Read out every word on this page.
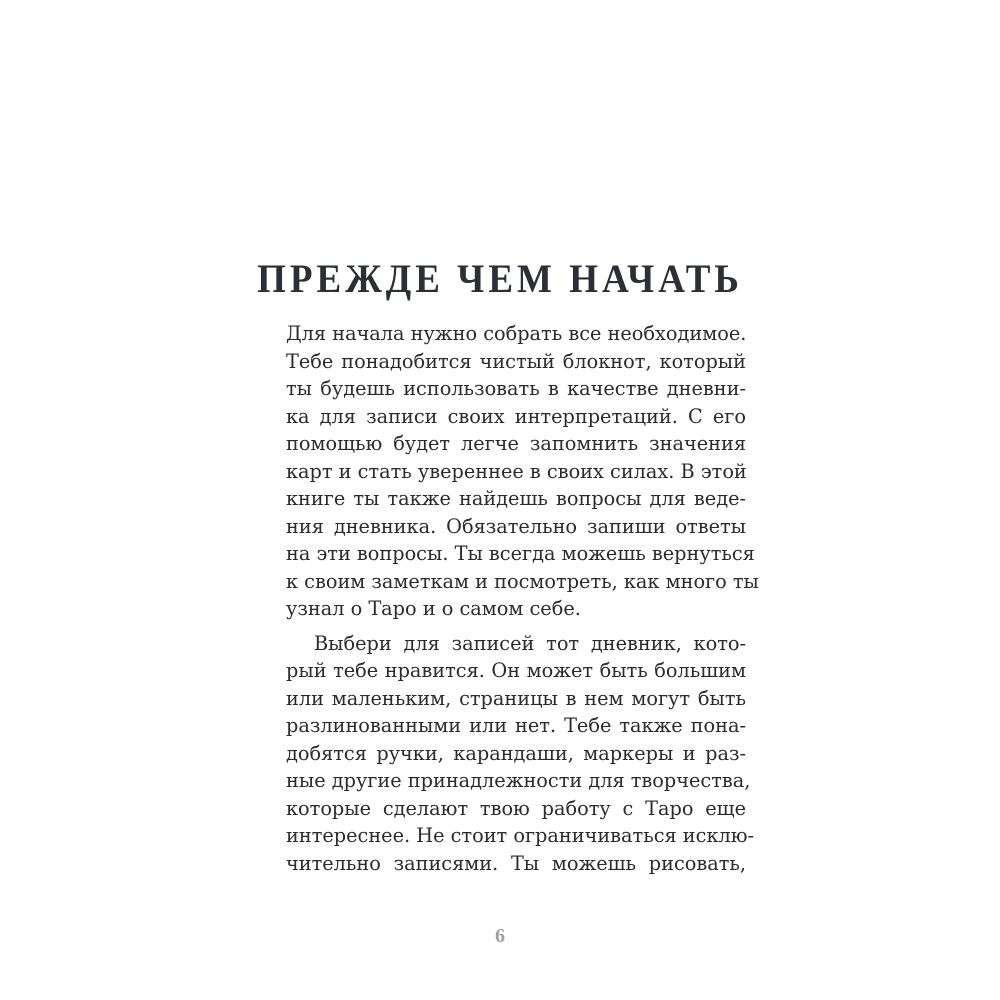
ПРЕЖДЕ ЧЕМ НАЧАТЬ
Для начала нужно собрать все необходимое.
Тебе понадобится чистый блокнот, который
ты будешь использовать в качестве дневни-
ка для записи своих интерпретаций. С его
помощью будет легче запомнить значения
карт и стать увереннее в своих силах. В этой
книге ты также найдешь вопросы для веде-
ния дневника. Обязательно запиши ответы
на эти вопросы. Ты всегда можешь вернуться
к своим заметкам и посмотреть, как много ты
узнал о Таро и о самом себе.
Выбери для записей тот дневник, кото-
рый тебе нравится. Он может быть большим
или маленьким, страницы в нем могут быть
разлинованными или нет. Тебе также пона-
добятся ручки, карандаши, маркеры и раз-
ные другие принадлежности для творчества,
которые сделают твою работу с Таро еще
интереснее. Не стоит ограничиваться исклю-
чительно записями. Ты можешь рисовать,
6
